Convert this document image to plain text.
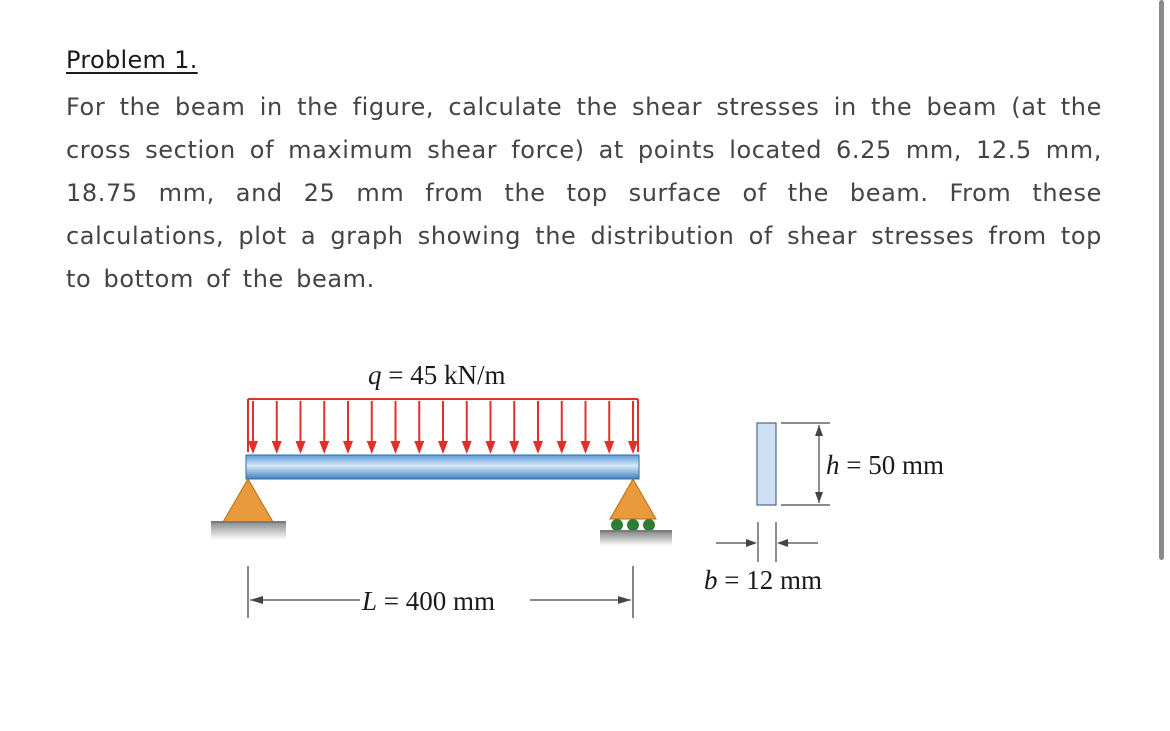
Problem 1.

For the beam in the figure, calculate the shear stresses in the beam (at the cross section of maximum shear force) at points located 6.25 mm, 12.5 mm, 18.75 mm, and 25 mm from the top surface of the beam. From these calculations, plot a graph showing the distribution of shear stresses from top to bottom of the beam.

q = 45 kN/m
L = 400 mm
h = 50 mm
b = 12 mm
